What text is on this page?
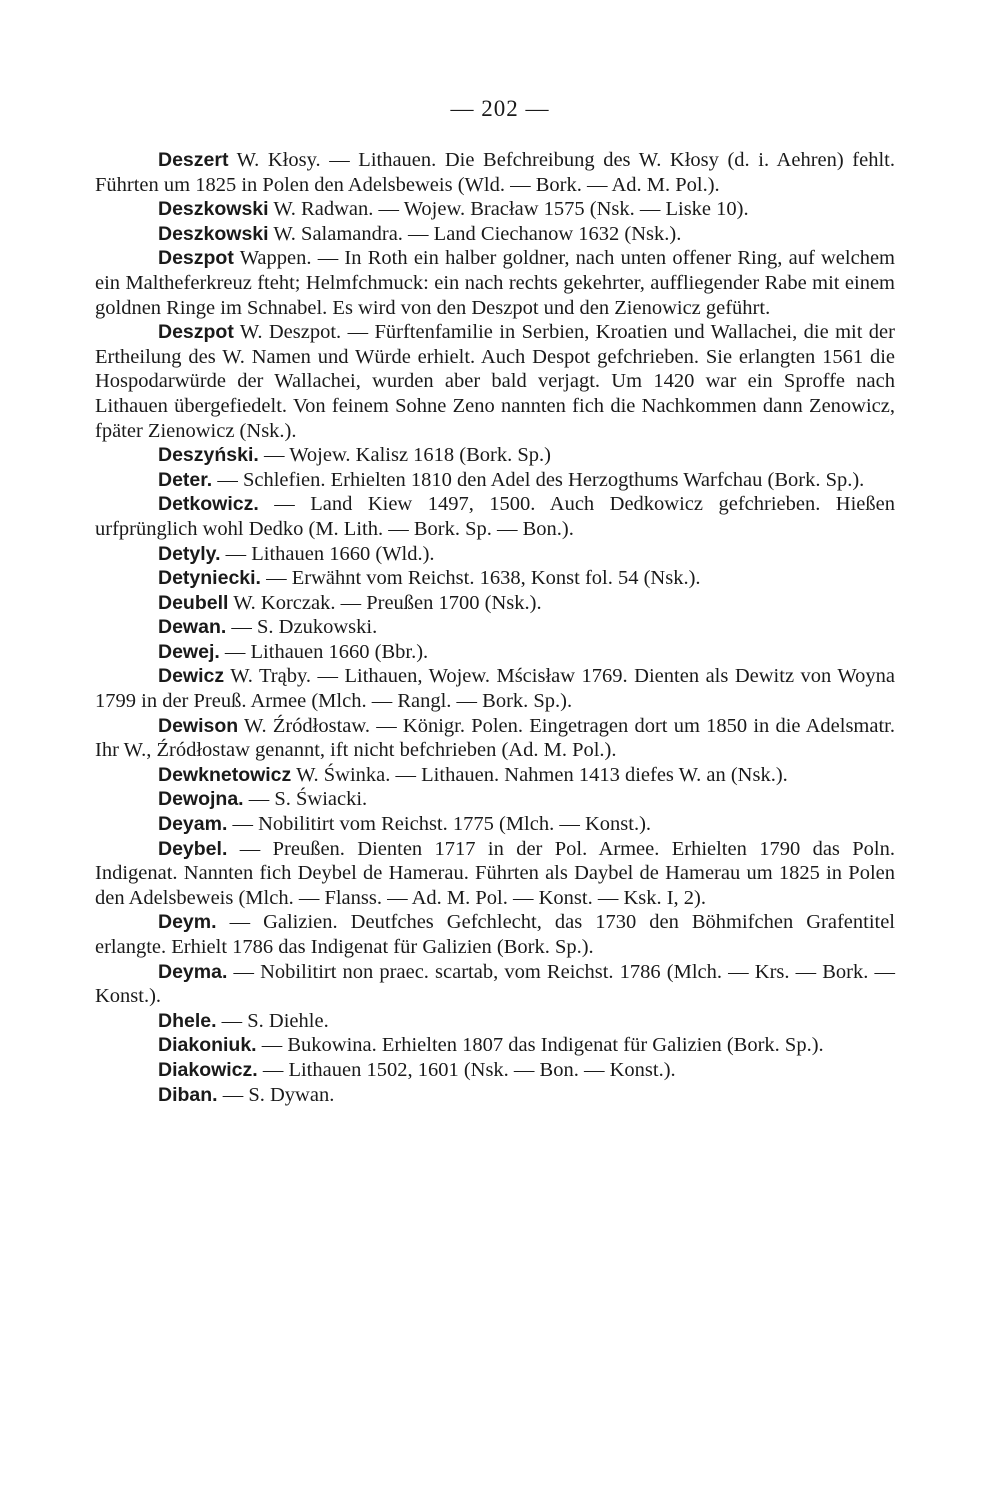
— 202 —

Deszert W. Kłosy. — Lithauen. Die Befchreibung des W. Kłosy (d. i. Aehren) fehlt. Führten um 1825 in Polen den Adelsbeweis (Wld. — Bork. — Ad. M. Pol.).

Deszkowski W. Radwan. — Wojew. Bracław 1575 (Nsk. — Liske 10).

Deszkowski W. Salamandra. — Land Ciechanow 1632 (Nsk.).

Deszpot Wappen. — In Roth ein halber goldner, nach unten offener Ring, auf welchem ein Maltheferkreuz fteht; Helmfchmuck: ein nach rechts gekehrter, auffliegender Rabe mit einem goldnen Ringe im Schnabel. Es wird von den Deszpot und den Zienowicz geführt.

Deszpot W. Deszpot. — Fürftenfamilie in Serbien, Kroatien und Wallachei, die mit der Ertheilung des W. Namen und Würde erhielt. Auch Despot gefchrieben. Sie erlangten 1561 die Hospodarwürde der Wallachei, wurden aber bald verjagt. Um 1420 war ein Sproffe nach Lithauen übergefiedelt. Von feinem Sohne Zeno nannten fich die Nachkommen dann Zenowicz, fpäter Zienowicz (Nsk.).

Deszyński. — Wojew. Kalisz 1618 (Bork. Sp.)

Deter. — Schlefien. Erhielten 1810 den Adel des Herzogthums Warfchau (Bork. Sp.).

Detkowicz. — Land Kiew 1497, 1500. Auch Dedkowicz gefchrieben. Hießen urfprünglich wohl Dedko (M. Lith. — Bork. Sp. — Bon.).

Detyly. — Lithauen 1660 (Wld.).

Detyniecki. — Erwähnt vom Reichst. 1638, Konst fol. 54 (Nsk.).

Deubell W. Korczak. — Preußen 1700 (Nsk.).

Dewan. — S. Dzukowski.

Dewej. — Lithauen 1660 (Bbr.).

Dewicz W. Trąby. — Lithauen, Wojew. Mścisław 1769. Dienten als Dewitz von Woyna 1799 in der Preuß. Armee (Mlch. — Rangl. — Bork. Sp.).

Dewison W. Źródłostaw. — Königr. Polen. Eingetragen dort um 1850 in die Adelsmatr. Ihr W., Źródłostaw genannt, ift nicht befchrieben (Ad. M. Pol.).

Dewknetowicz W. Świnka. — Lithauen. Nahmen 1413 diefes W. an (Nsk.).

Dewojna. — S. Świacki.

Deyam. — Nobilitirt vom Reichst. 1775 (Mlch. — Konst.).

Deybel. — Preußen. Dienten 1717 in der Pol. Armee. Erhielten 1790 das Poln. Indigenat. Nannten fich Deybel de Hamerau. Führten als Daybel de Hamerau um 1825 in Polen den Adelsbeweis (Mlch. — Flanss. — Ad. M. Pol. — Konst. — Ksk. I, 2).

Deym. — Galizien. Deutfches Gefchlecht, das 1730 den Böhmifchen Grafentitel erlangte. Erhielt 1786 das Indigenat für Galizien (Bork. Sp.).

Deyma. — Nobilitirt non praec. scartab, vom Reichst. 1786 (Mlch. — Krs. — Bork. — Konst.).

Dhele. — S. Diehle.

Diakoniuk. — Bukowina. Erhielten 1807 das Indigenat für Galizien (Bork. Sp.).

Diakowicz. — Lithauen 1502, 1601 (Nsk. — Bon. — Konst.).

Diban. — S. Dywan.
